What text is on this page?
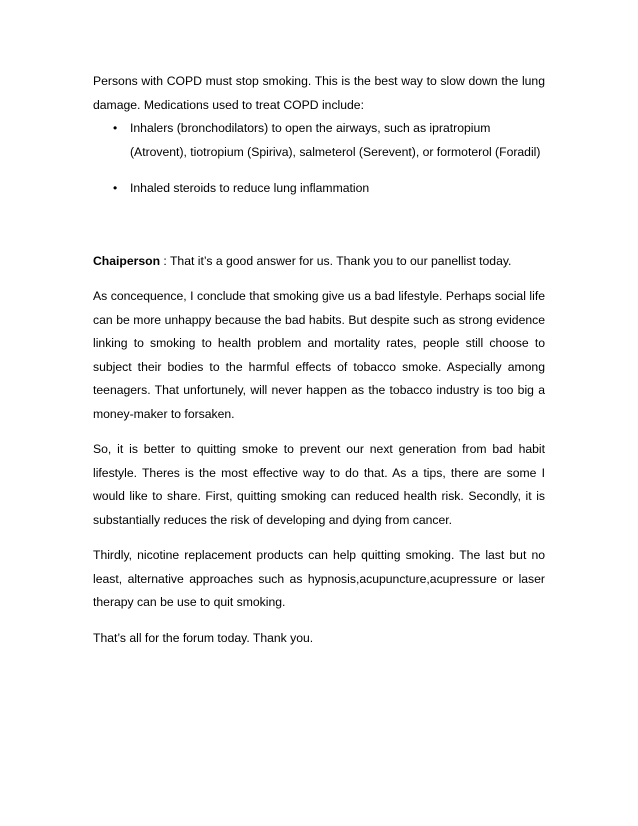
Persons with COPD must stop smoking. This is the best way to slow down the lung damage. Medications used to treat COPD include:

• Inhalers (bronchodilators) to open the airways, such as ipratropium (Atrovent), tiotropium (Spiriva), salmeterol (Serevent), or formoterol (Foradil)
• Inhaled steroids to reduce lung inflammation

Chaiperson : That it’s a good answer for us. Thank you to our panellist today.

As concequence, I conclude that smoking give us a bad lifestyle. Perhaps social life can be more unhappy because the bad habits. But despite such as strong evidence linking to smoking to health problem and mortality rates, people still choose to subject their bodies to the harmful effects of tobacco smoke. Aspecially among teenagers. That unfortunely, will never happen as the tobacco industry is too big a money-maker to forsaken.

So, it is better to quitting smoke to prevent our next generation from bad habit lifestyle. Theres is the most effective way to do that. As a tips, there are some I would like to share. First, quitting smoking can reduced health risk. Secondly, it is substantially reduces the risk of developing and dying from cancer.

Thirdly, nicotine replacement products can help quitting smoking. The last but no least, alternative approaches such as hypnosis,acupuncture,acupressure or laser therapy can be use to quit smoking.

That’s all for the forum today. Thank you.
